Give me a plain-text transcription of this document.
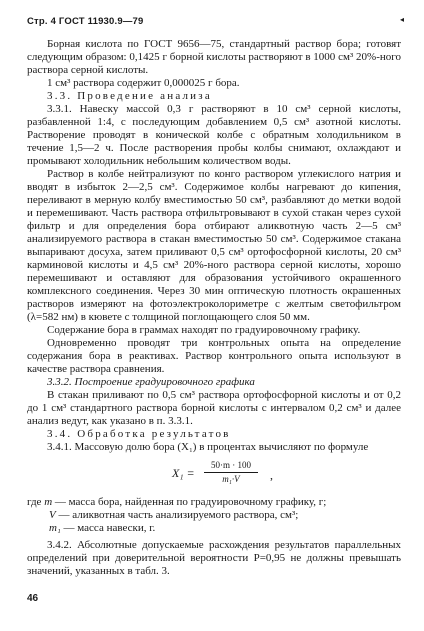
Стр. 4 ГОСТ 11930.9—79	◂

Борная кислота по ГОСТ 9656—75, стандартный раствор бора; готовят следующим образом: 0,1425 г борной кислоты растворяют в 1000 см³ 20%-ного раствора серной кислоты.

1 см³ раствора содержит 0,000025 г бора.

3.3. Проведение анализа

3.3.1. Навеску массой 0,3 г растворяют в 10 см³ серной кислоты, разбавленной 1:4, с последующим добавлением 0,5 см³ азотной кислоты. Растворение проводят в конической колбе с обратным холодильником в течение 1,5—2 ч. После растворения пробы колбы снимают, охлаждают и промывают холодильник небольшим количеством воды.

Раствор в колбе нейтрализуют по конго раствором углекислого натрия и вводят в избыток 2—2,5 см³. Содержимое колбы нагревают до кипения, переливают в мерную колбу вместимостью 50 см³, разбавляют до метки водой и перемешивают. Часть раствора отфильтровывают в сухой стакан через сухой фильтр и для определения бора отбирают аликвотную часть 2—5 см³ анализируемого раствора в стакан вместимостью 50 см³. Содержимое стакана выпаривают досуха, затем приливают 0,5 см³ ортофосфорной кислоты, 20 см³ карминовой кислоты и 4,5 см³ 20%-ного раствора серной кислоты, хорошо перемешивают и оставляют для образования устойчивого окрашенного комплексного соединения. Через 30 мин оптическую плотность окрашенных растворов измеряют на фотоэлектроколориметре с желтым светофильтром (λ=582 нм) в кювете с толщиной поглощающего слоя 50 мм.

Содержание бора в граммах находят по градуировочному графику.

Одновременно проводят три контрольных опыта на определение содержания бора в реактивах. Раствор контрольного опыта используют в качестве раствора сравнения.

3.3.2. Построение градуировочного графика

В стакан приливают по 0,5 см³ раствора ортофосфорной кислоты и от 0,2 до 1 см³ стандартного раствора борной кислоты с интервалом 0,2 см³ и далее анализ ведут, как указано в п. 3.3.1.

3.4. Обработка результатов

3.4.1. Массовую долю бора (X₁) в процентах вычисляют по формуле

X₁ =
50·m · 100
m₁·V	,

где m — масса бора, найденная по градуировочному графику, г;

V — аликвотная часть анализируемого раствора, см³;

m₁ — масса навески, г.

3.4.2. Абсолютные допускаемые расхождения результатов параллельных определений при доверительной вероятности P=0,95 не должны превышать значений, указанных в табл. 3.

46
